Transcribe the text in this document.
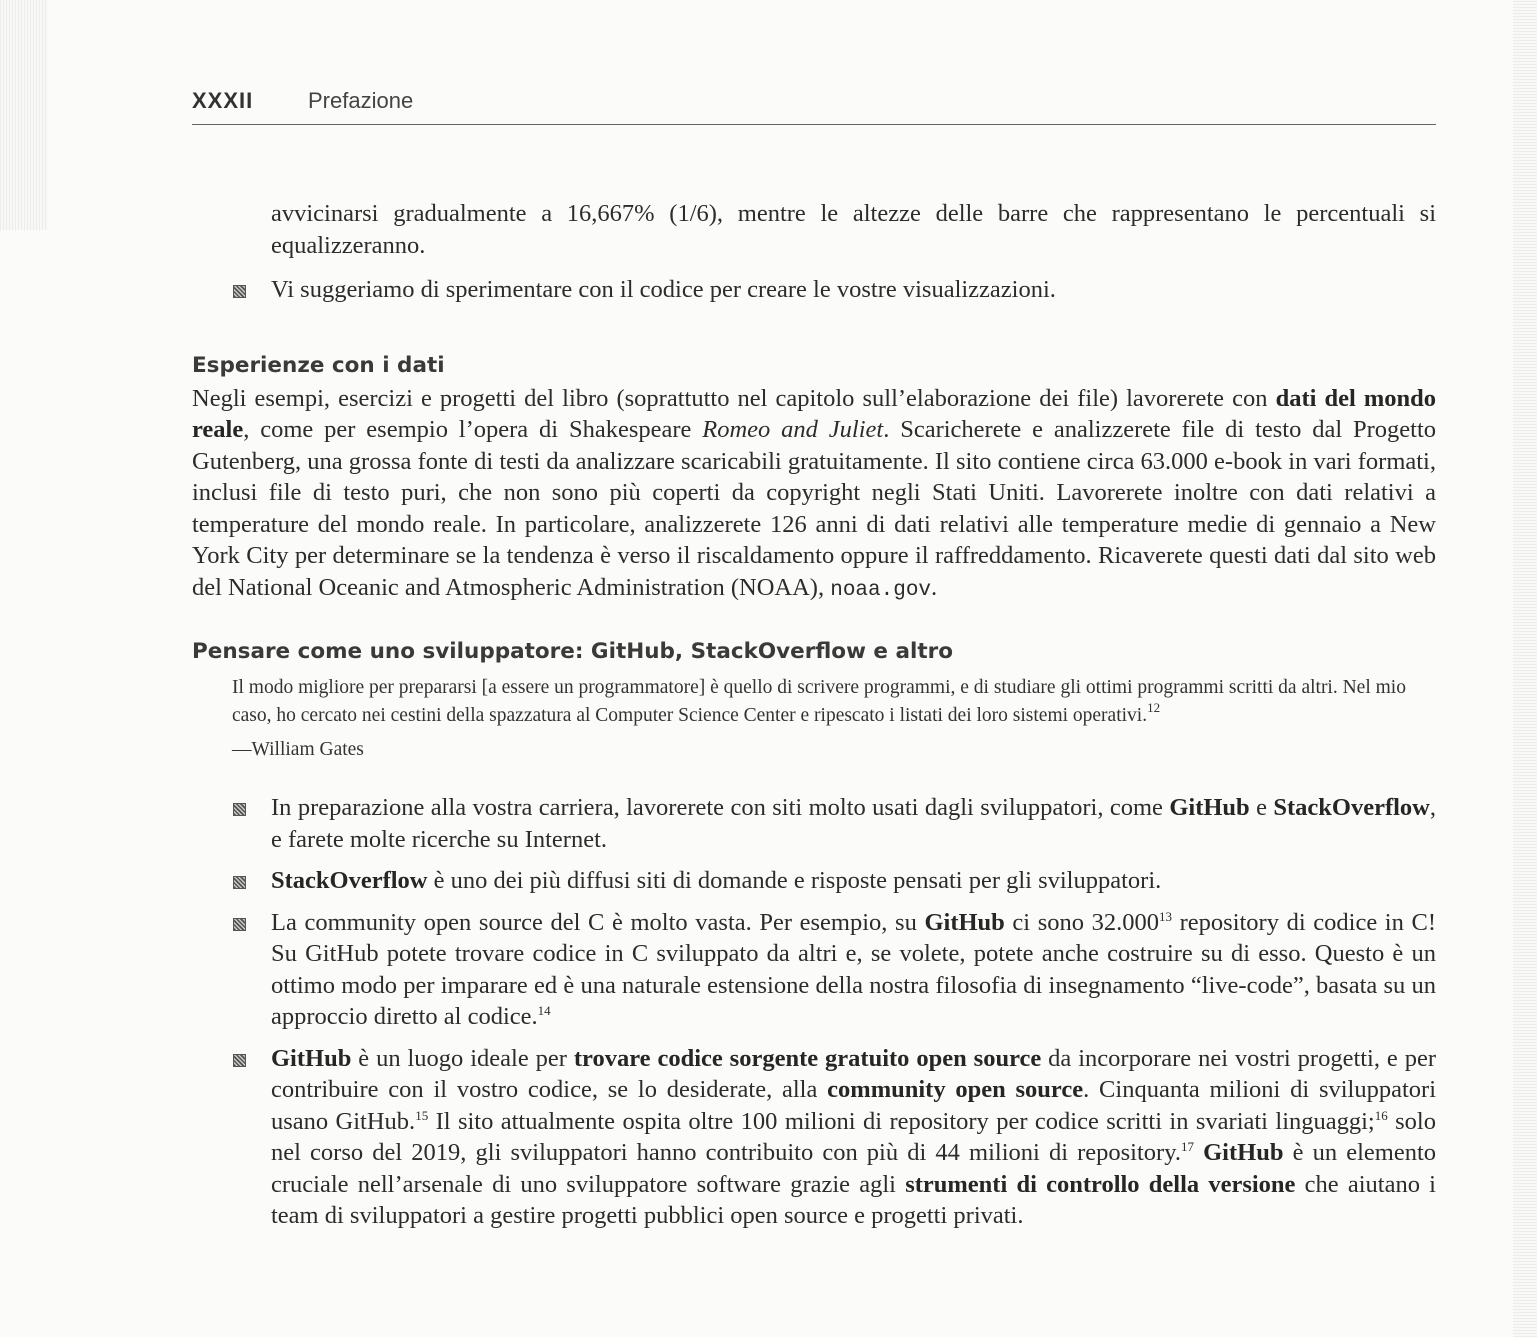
XXXII Prefazione

avvicinarsi gradualmente a 16,667% (1/6), mentre le altezze delle barre che rappresentano le percentuali si equalizzeranno.

Vi suggeriamo di sperimentare con il codice per creare le vostre visualizzazioni.
Esperienze con i dati

Negli esempi, esercizi e progetti del libro (soprattutto nel capitolo sull’elaborazione dei file) lavorerete con dati del mondo reale, come per esempio l’opera di Shakespeare Romeo and Juliet. Scaricherete e analizzerete file di testo dal Progetto Gutenberg, una grossa fonte di testi da analizzare scaricabili gratuitamente. Il sito contiene circa 63.000 e-book in vari formati, inclusi file di testo puri, che non sono più coperti da copyright negli Stati Uniti. Lavorerete inoltre con dati relativi a temperature del mondo reale. In particolare, analizzerete 126 anni di dati relativi alle temperature medie di gennaio a New York City per determinare se la tendenza è verso il riscaldamento oppure il raffreddamento. Ricaverete questi dati dal sito web del National Oceanic and Atmospheric Administration (NOAA), noaa.gov.

Pensare come uno sviluppatore: GitHub, StackOverflow e altro

Il modo migliore per prepararsi [a essere un programmatore] è quello di scrivere programmi, e di studiare gli ottimi programmi scritti da altri. Nel mio caso, ho cercato nei cestini della spazzatura al Computer Science Center e ripescato i listati dei loro sistemi operativi.$^{12}$

—William Gates

In preparazione alla vostra carriera, lavorerete con siti molto usati dagli sviluppatori, come GitHub e StackOverflow, e farete molte ricerche su Internet.
StackOverflow è uno dei più diffusi siti di domande e risposte pensati per gli sviluppatori.
La community open source del C è molto vasta. Per esempio, su GitHub ci sono 32.000$^{13}$ repository di codice in C! Su GitHub potete trovare codice in C sviluppato da altri e, se volete, potete anche costruire su di esso. Questo è un ottimo modo per imparare ed è una naturale estensione della nostra filosofia di insegnamento “live-code”, basata su un approccio diretto al codice.$^{14}$
GitHub è un luogo ideale per trovare codice sorgente gratuito open source da incorporare nei vostri progetti, e per contribuire con il vostro codice, se lo desiderate, alla community open source. Cinquanta milioni di sviluppatori usano GitHub.$^{15}$ Il sito attualmente ospita oltre 100 milioni di repository per codice scritti in svariati linguaggi;$^{16}$ solo nel corso del 2019, gli sviluppatori hanno contribuito con più di 44 milioni di repository.$^{17}$ GitHub è un elemento cruciale nell’arsenale di uno sviluppatore software grazie agli strumenti di controllo della versione che aiutano i team di sviluppatori a gestire progetti pubblici open source e progetti privati.
